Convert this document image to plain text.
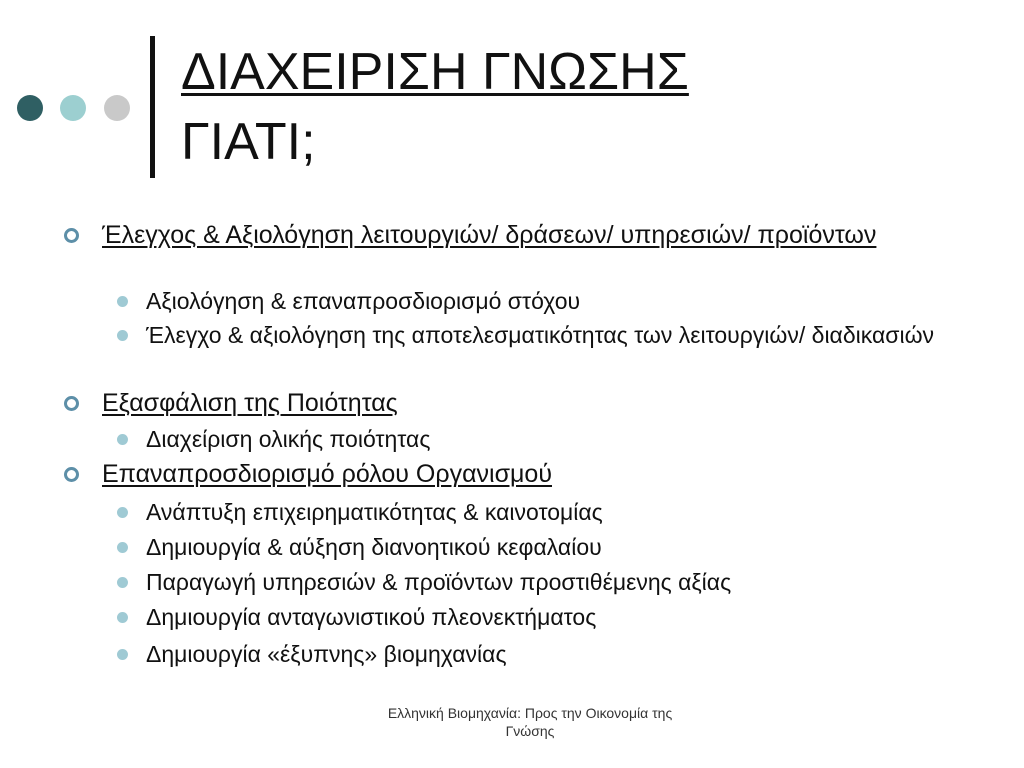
ΔΙΑΧΕΙΡΙΣΗ ΓΝΩΣΗΣ
ΓΙΑΤΙ;
Έλεγχος & Αξιολόγηση λειτουργιών/ δράσεων/ υπηρεσιών/ προϊόντων
Αξιολόγηση & επαναπροσδιορισμό στόχου
Έλεγχο & αξιολόγηση της αποτελεσματικότητας των λειτουργιών/ διαδικασιών
Εξασφάλιση της Ποιότητας
Διαχείριση ολικής ποιότητας
Επαναπροσδιορισμό ρόλου Οργανισμού
Ανάπτυξη επιχειρηματικότητας & καινοτομίας
Δημιουργία & αύξηση διανοητικού κεφαλαίου
Παραγωγή υπηρεσιών & προϊόντων προστιθέμενης αξίας
Δημιουργία ανταγωνιστικού πλεονεκτήματος
Δημιουργία «έξυπνης» βιομηχανίας
Ελληνική Βιομηχανία: Προς την Οικονομία της Γνώσης
